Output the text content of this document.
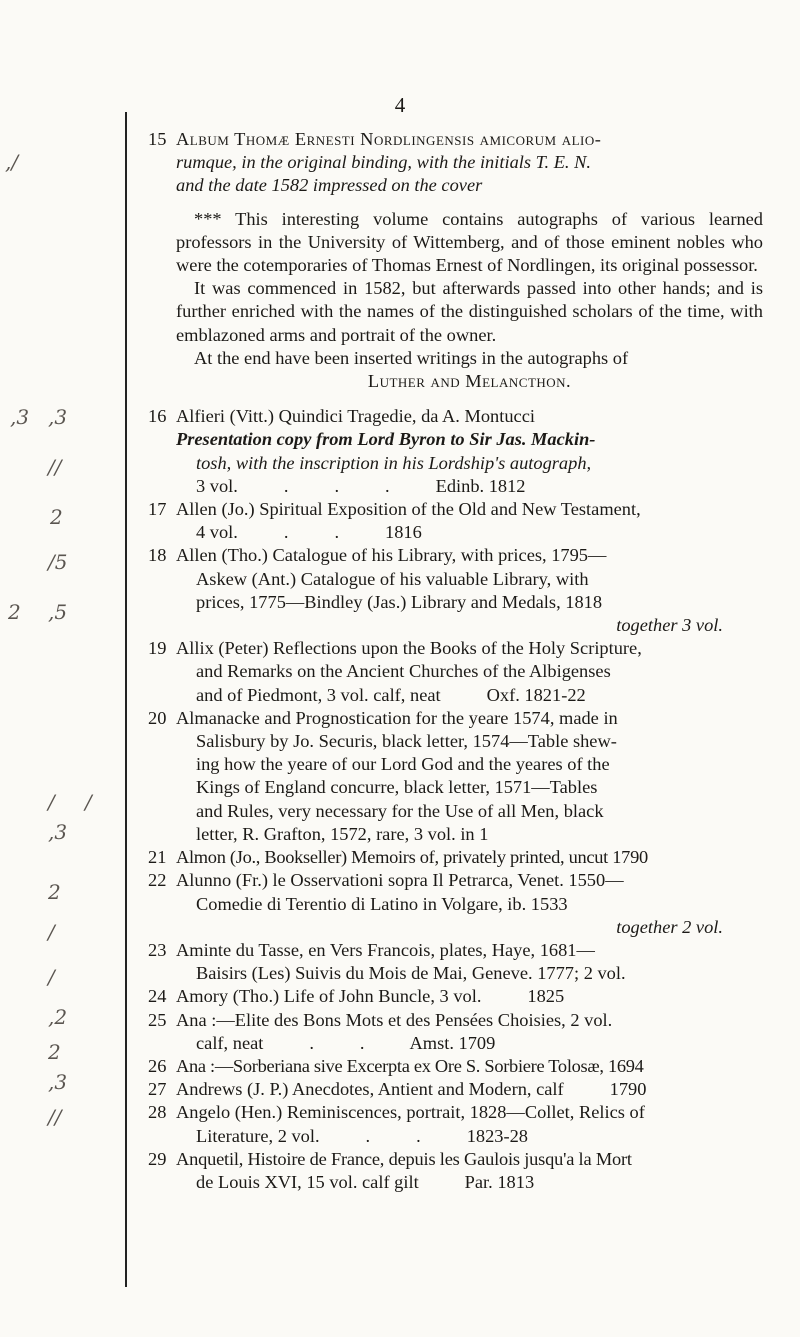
4
,/
,3 ,3
//
2
/5
2 ,5
/ /
,3
2
/
/
,2
2
,3
//
15 Album Thomæ Ernesti Nordlingensis amicorum alio-
rumque, in the original binding, with the initials T. E. N.
and the date 1582 impressed on the cover

*** This interesting volume contains autographs of various learned professors in the University of Wittemberg, and of those eminent nobles who were the cotemporaries of Thomas Ernest of Nordlingen, its original possessor.

It was commenced in 1582, but afterwards passed into other hands; and is further enriched with the names of the distinguished scholars of the time, with emblazoned arms and portrait of the owner.

At the end have been inserted writings in the autographs of

Luther and Melancthon.

16 Alfieri (Vitt.) Quindici Tragedie, da A. Montucci
Presentation copy from Lord Byron to Sir Jas. Mackin-
tosh, with the inscription in his Lordship's autograph,
3 vol.          .          .          .          Edinb. 1812
17 Allen (Jo.) Spiritual Exposition of the Old and New Testament,
4 vol.          .          .          1816
18 Allen (Tho.) Catalogue of his Library, with prices, 1795—
Askew (Ant.) Catalogue of his valuable Library, with
prices, 1775—Bindley (Jas.) Library and Medals, 1818
together 3 vol.
19 Allix (Peter) Reflections upon the Books of the Holy Scripture,
and Remarks on the Ancient Churches of the Albigenses
and of Piedmont, 3 vol. calf, neat          Oxf. 1821-22
20 Almanacke and Prognostication for the yeare 1574, made in
Salisbury by Jo. Securis, black letter, 1574—Table shew-
ing how the yeare of our Lord God and the yeares of the
Kings of England concurre, black letter, 1571—Tables
and Rules, very necessary for the Use of all Men, black
letter, R. Grafton, 1572, rare, 3 vol. in 1
21 Almon (Jo., Bookseller) Memoirs of, privately printed, uncut 1790
22 Alunno (Fr.) le Osservationi sopra Il Petrarca, Venet. 1550—
Comedie di Terentio di Latino in Volgare, ib. 1533
together 2 vol.
23 Aminte du Tasse, en Vers Francois, plates, Haye, 1681—
Baisirs (Les) Suivis du Mois de Mai, Geneve. 1777; 2 vol.
24 Amory (Tho.) Life of John Buncle, 3 vol.          1825
25 Ana :—Elite des Bons Mots et des Pensées Choisies, 2 vol.
calf, neat          .          .          Amst. 1709
26 Ana :—Sorberiana sive Excerpta ex Ore S. Sorbiere Tolosæ, 1694
27 Andrews (J. P.) Anecdotes, Antient and Modern, calf          1790
28 Angelo (Hen.) Reminiscences, portrait, 1828—Collet, Relics of
Literature, 2 vol.          .          .          1823-28
29 Anquetil, Histoire de France, depuis les Gaulois jusqu'a la Mort
de Louis XVI, 15 vol. calf gilt          Par. 1813
